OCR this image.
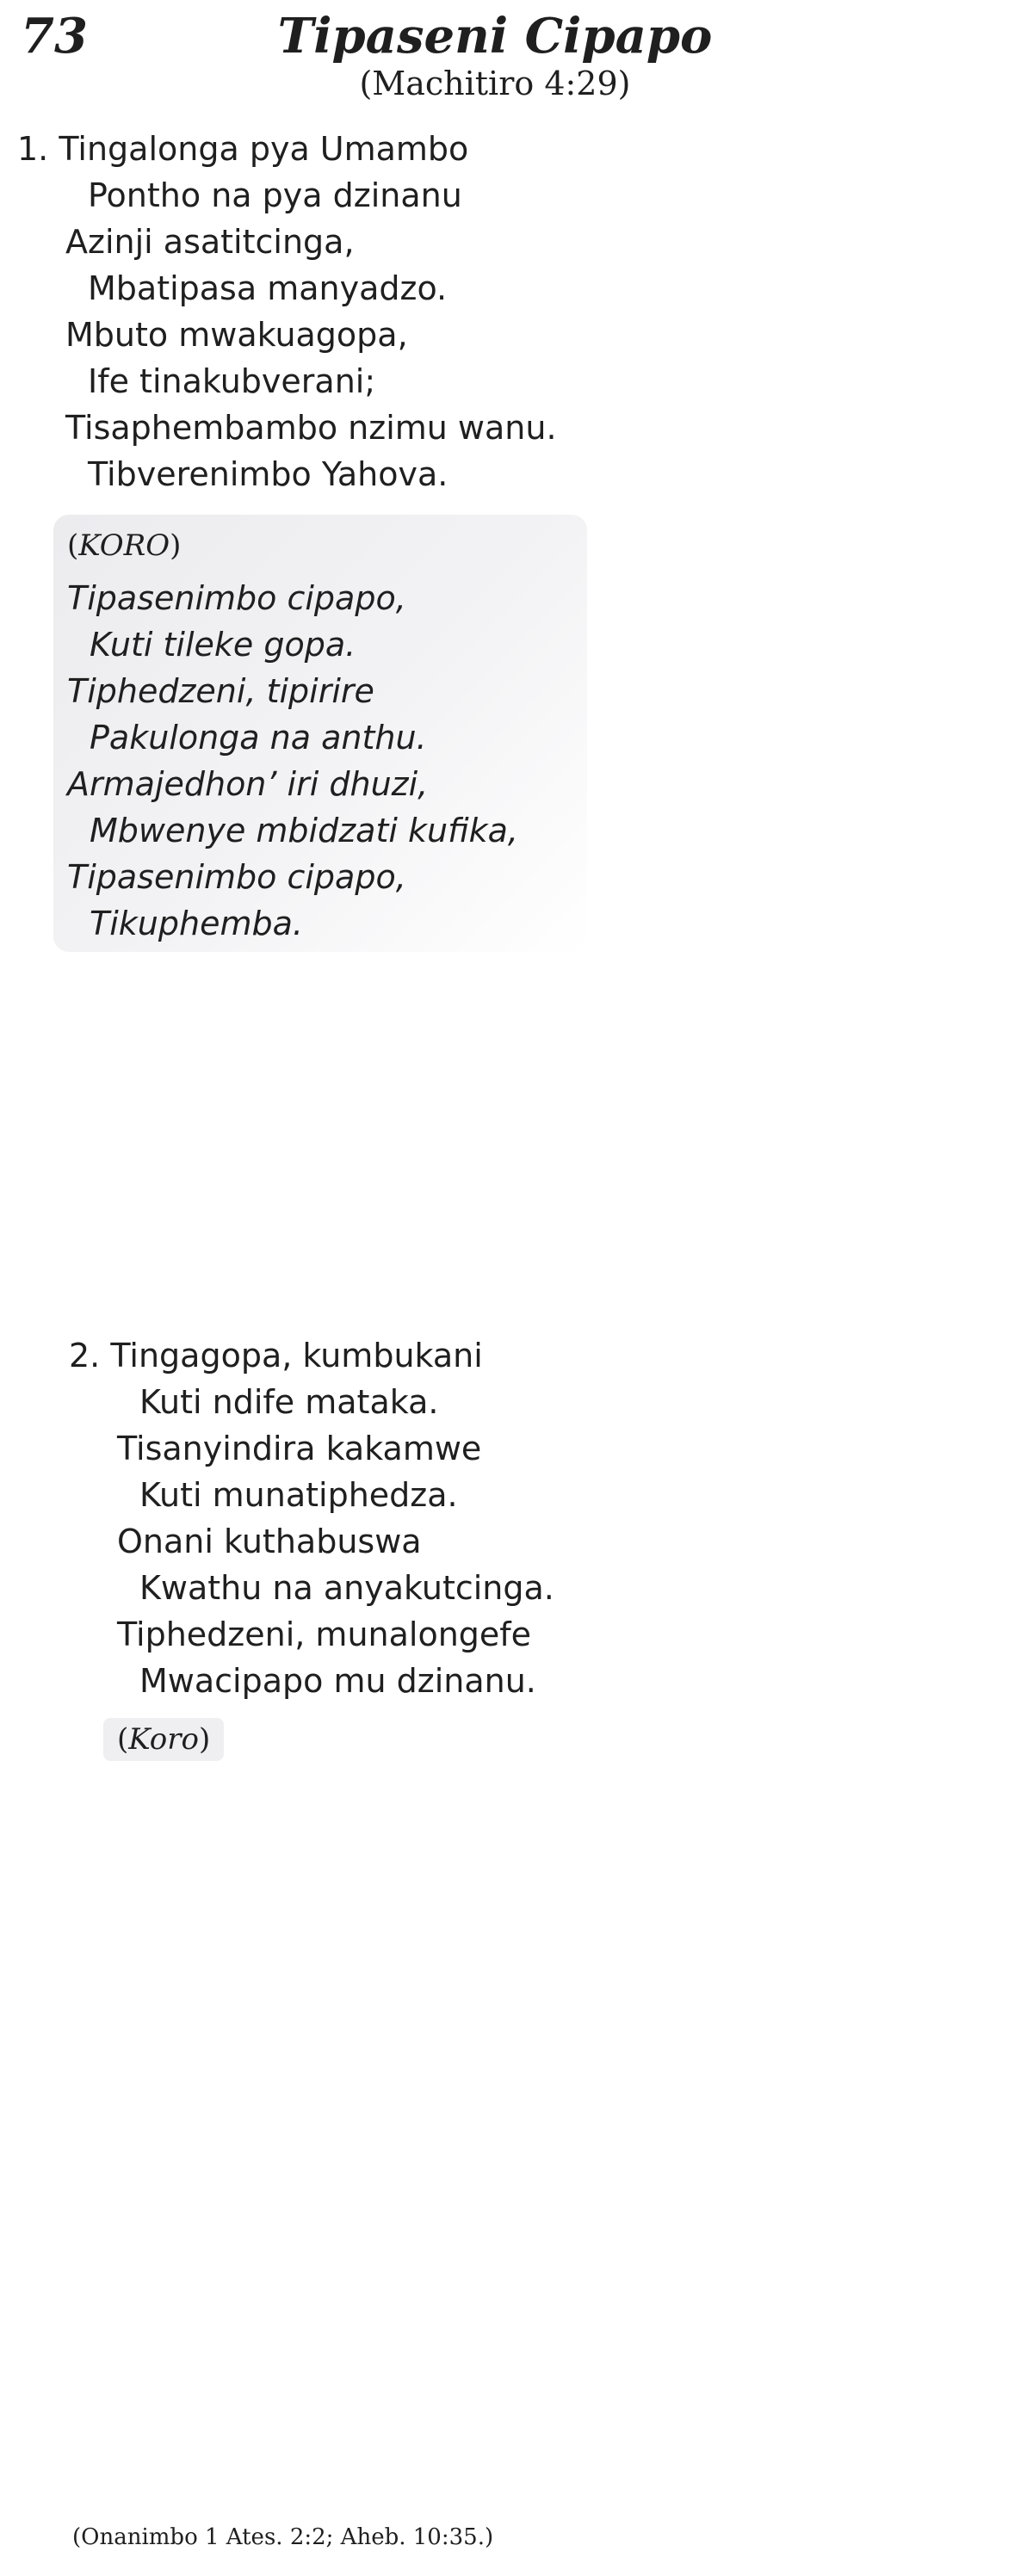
73	Tipaseni Cipapo

(Machitiro 4:29)

1. Tingalonga pya Umambo
Pontho na pya dzinanu
Azinji asatitcinga,
Mbatipasa manyadzo.
Mbuto mwakuagopa,
Ife tinakubverani;
Tisaphembambo nzimu wanu.
Tibverenimbo Yahova.
(KORO)
Tipasenimbo cipapo,
Kuti tileke gopa.
Tiphedzeni, tipirire
Pakulonga na anthu.
Armajedhon’ iri dhuzi,
Mbwenye mbidzati kufika,
Tipasenimbo cipapo,
Tikuphemba.
2. Tingagopa, kumbukani
Kuti ndife mataka.
Tisanyindira kakamwe
Kuti munatiphedza.
Onani kuthabuswa
Kwathu na anyakutcinga.
Tiphedzeni, munalongefe
Mwacipapo mu dzinanu.
(Koro)
(Onanimbo 1 Ates. 2:2; Aheb. 10:35.)
